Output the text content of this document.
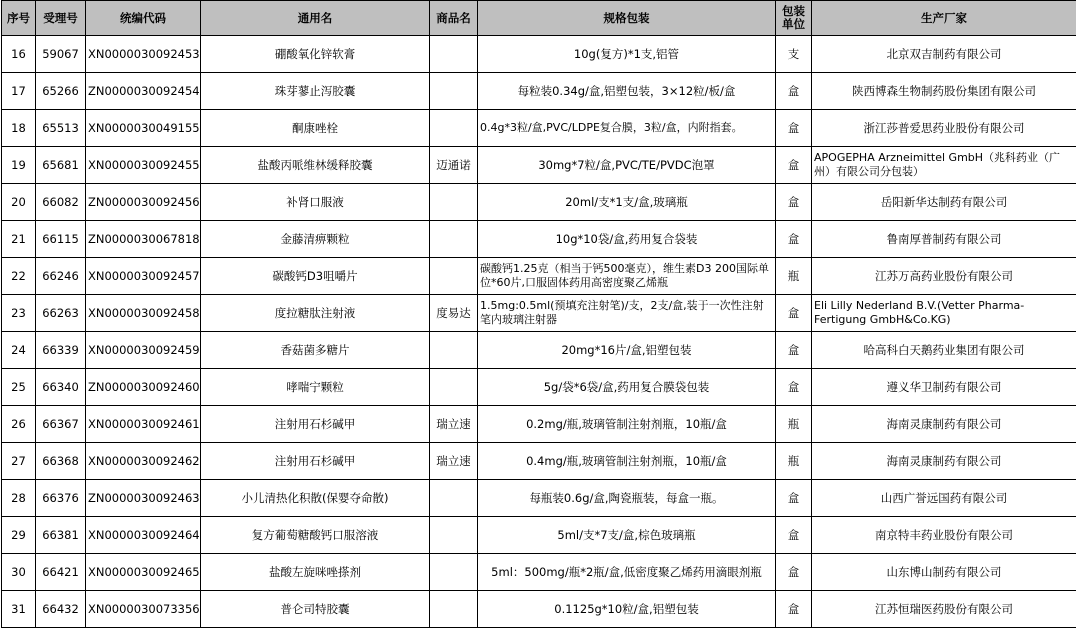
序号	受理号	统编代码	通用名	商品名	规格包装	包装单位	生产厂家
16	59067	XN0000030092453	硼酸氧化锌软膏		10g(复方)*1支,铝管	支	北京双吉制药有限公司
17	65266	ZN0000030092454	珠芽蓼止泻胶囊		每粒装0.34g/盒,铝塑包装，3×12粒/板/盒	盒	陕西博森生物制药股份集团有限公司
18	65513	XN0000030049155	酮康唑栓		0.4g*3粒/盒,PVC/LDPE复合膜，3粒/盒，内附指套。	盒	浙江莎普爱思药业股份有限公司
19	65681	XN0000030092455	盐酸丙哌维林缓释胶囊	迈通诺	30mg*7粒/盒,PVC/TE/PVDC泡罩	盒	APOGEPHA Arzneimittel GmbH（兆科药业（广州）有限公司分包装）
20	66082	ZN0000030092456	补肾口服液		20ml/支*1支/盒,玻璃瓶	盒	岳阳新华达制药有限公司
21	66115	ZN0000030067818	金藤清痹颗粒		10g*10袋/盒,药用复合袋装	盒	鲁南厚普制药有限公司
22	66246	XN0000030092457	碳酸钙D3咀嚼片		碳酸钙1.25克（相当于钙500毫克），维生素D3 200国际单位*60片,口服固体药用高密度聚乙烯瓶	瓶	江苏万高药业股份有限公司
23	66263	XN0000030092458	度拉糖肽注射液	度易达	1.5mg:0.5ml(预填充注射笔)/支，2支/盒,装于一次性注射笔内玻璃注射器	盒	Eli Lilly Nederland B.V.(Vetter Pharma-Fertigung GmbH&Co.KG)
24	66339	XN0000030092459	香菇菌多糖片		20mg*16片/盒,铝塑包装	盒	哈高科白天鹅药业集团有限公司
25	66340	ZN0000030092460	哮喘宁颗粒		5g/袋*6袋/盒,药用复合膜袋包装	盒	遵义华卫制药有限公司
26	66367	XN0000030092461	注射用石杉碱甲	瑞立速	0.2mg/瓶,玻璃管制注射剂瓶，10瓶/盒	瓶	海南灵康制药有限公司
27	66368	XN0000030092462	注射用石杉碱甲	瑞立速	0.4mg/瓶,玻璃管制注射剂瓶，10瓶/盒	瓶	海南灵康制药有限公司
28	66376	ZN0000030092463	小儿清热化积散(保婴夺命散)		每瓶装0.6g/盒,陶瓷瓶装，每盒一瓶。	盒	山西广誉远国药有限公司
29	66381	XN0000030092464	复方葡萄糖酸钙口服溶液		5ml/支*7支/盒,棕色玻璃瓶	盒	南京特丰药业股份有限公司
30	66421	XN0000030092465	盐酸左旋咪唑搽剂		5ml：500mg/瓶*2瓶/盒,低密度聚乙烯药用滴眼剂瓶	盒	山东博山制药有限公司
31	66432	XN0000030073356	普仑司特胶囊		0.1125g*10粒/盒,铝塑包装	盒	江苏恒瑞医药股份有限公司
